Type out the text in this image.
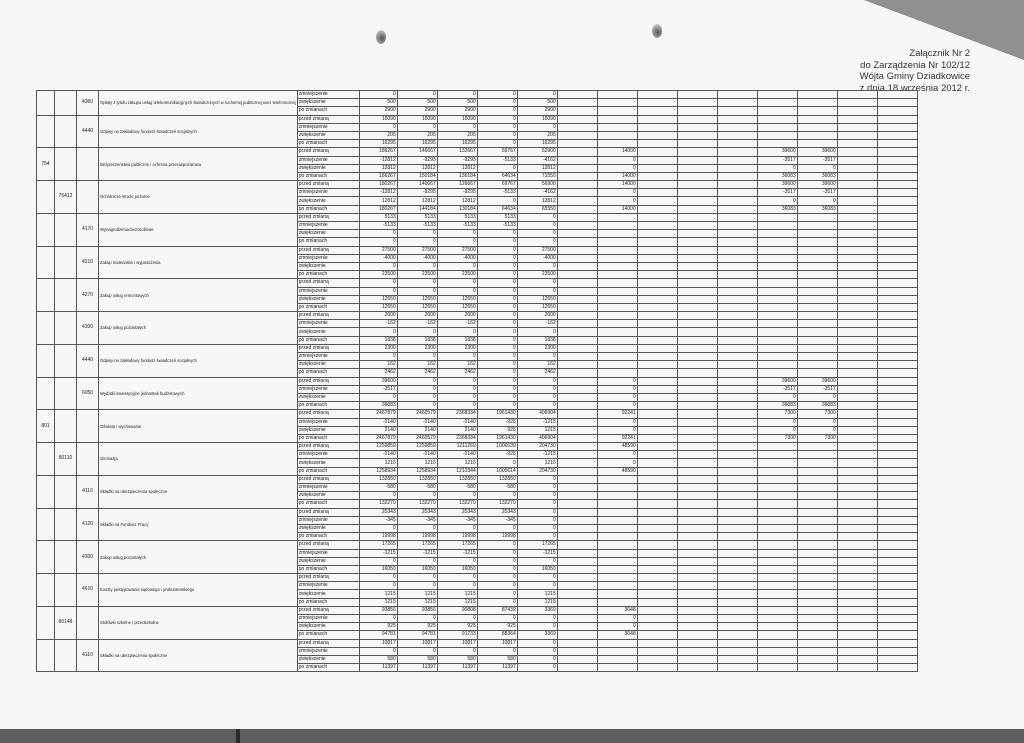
Załącznik Nr 2
do Zarządzenia Nr 102/12
Wójta Gminy Dziadkowice
z dnia 18 września 2012 r.
		4360	Opłaty z tytułu zakupu usług telekomunikacyjnych świadczonych w ruchomej publicznej sieci telefonicznej	zmniejszenie	0	0	0	0	0									
				zwiększenie	500	500	500	0	500									
				po zmianach	2900	2900	2900	0	2900									
		4440	Odpisy na zakładowy fundusz świadczeń socjalnych	przed zmianą	16090	16090	16090	0	16090									
				zmniejszenie	0	0	0	0	0									
				zwiększenie	205	205	205	0	205									
				po zmianach	16295	16295	16295	0	16295									
754			Bezpieczeństwo publiczne i ochrona przeciwpożarowa	przed zmianą	186267	146667	132667	69767	62900		14000				39600	39600		
				zmniejszenie	-12812	-9295	-9295	-5133	-4162		0				-3517	-3517		
				zwiększenie	12812	12812	12812	0	12812		0				0	0		
				po zmianach	186267	150184	136184	64634	71550		14000				36083	36083		
	75412		Ochotnicze straże pożarne	przed zmianą	180267	140667	126667	69767	56900		14000				39600	39600		
				zmniejszenie	-12812	-9295	-9295	-5133	-4162		0				-3517	-3517		
				zwiększenie	12812	12812	12812	0	12812		0				0	0		
				po zmianach	180267	144184	130184	64634	65550		14000				36083	36083		
		4170	Wynagrodzenia bezosobowe	przed zmianą	5133	5133	5133	5133	0									
				zmniejszenie	-5133	-5133	-5133	-5133	0									
				zwiększenie	0	0	0	0	0									
				po zmianach	0	0	0	0	0									
		4210	Zakup materiałów i wyposażenia	przed zmianą	27500	27500	27500	0	27500									
				zmniejszenie	-4000	-4000	-4000	0	-4000									
				zwiększenie	0	0	0	0	0									
				po zmianach	23500	23500	23500	0	23500									
		4270	Zakup usług remontowych	przed zmianą	0	0	0	0	0									
				zmniejszenie	0	0	0	0	0									
				zwiększenie	12650	12650	12650	0	12650									
				po zmianach	12650	12650	12650	0	12650									
		4300	Zakup usług pozostałych	przed zmianą	2000	2000	2000	0	2000									
				zmniejszenie	-162	-162	-162	0	-162									
				zwiększenie	0	0	0	0	0									
				po zmianach	1838	1838	1838	0	1838									
		4440	Odpisy na zakładowy fundusz świadczeń socjalnych	przed zmianą	2300	2300	2300	0	2300									
				zmniejszenie	0	0	0	0	0									
				zwiększenie	162	162	162	0	162									
				po zmianach	2462	2462	2462	0	2462									
		6050	Wydatki inwestycyjne jednostek budżetowych	przed zmianą	39600	0	0	0	0		0				39600	39600		
				zmniejszenie	-3517	0	0	0	0		0				-3517	-3517		
				zwiększenie	0	0	0	0	0		0				0	0		
				po zmianach	36083	0	0	0	0		0				36083	36083		
801			Oświata i wychowanie	przed zmianą	2467879	2460579	2368334	1961430	406904		92241				7300	7300		
				zmniejszenie	-2140	-2140	-2140	-925	-1215		0				0	0		
				zwiększenie	2140	2140	2140	925	1215		0				0	0		
				po zmianach	2467879	2460579	2368334	1961430	406904		92241				7300	7300		
	80110		Gimnazja	przed zmianą	1259859	1259859	1211269	1006539	204730		48590							
				zmniejszenie	-2140	-2140	-2140	-925	-1215		0							
				zwiększenie	1215	1215	1215	0	1215		0							
				po zmianach	1258934	1258934	1210344	1005614	204730		48590							
		4110	Składki na ubezpieczenia społeczne	przed zmianą	132850	132850	132850	132850	0									
				zmniejszenie	-580	-580	-580	-580	0									
				zwiększenie	0	0	0	0	0									
				po zmianach	132270	132270	132270	132270	0									
		4120	Składki na Fundusz Pracy	przed zmianą	20343	20343	20343	20343	0									
				zmniejszenie	-345	-345	-345	-345	0									
				zwiększenie	0	0	0	0	0									
				po zmianach	19998	19998	19998	19998	0									
		4300	Zakup usług pozostałych	przed zmianą	17265	17265	17265	0	17265									
				zmniejszenie	-1215	-1215	-1215	0	-1215									
				zwiększenie	0	0	0	0	0									
				po zmianach	16050	16050	16050	0	16050									
		4610	Koszty postępowania sądowego i prokuratorskiego	przed zmianą	0	0	0	0	0									
				zmniejszenie	0	0	0	0	0									
				zwiększenie	1215	1215	1215	0	1215									
				po zmianach	1215	1215	1215	0	1215									
	80148		Stołówki szkolne i przedszkolne	przed zmianą	93856	93856	90808	87439	3369		3048							
				zmniejszenie	0	0	0	0	0		0							
				zwiększenie	925	925	925	925	0		0							
				po zmianach	94781	94781	91733	88364	3369		3048							
		4110	Składki na ubezpieczenia społeczne	przed zmianą	10817	10817	10817	10817	0									
				zmniejszenie	0	0	0	0	0									
				zwiększenie	580	580	580	580	0									
				po zmianach	11397	11397	11397	11397	0									
